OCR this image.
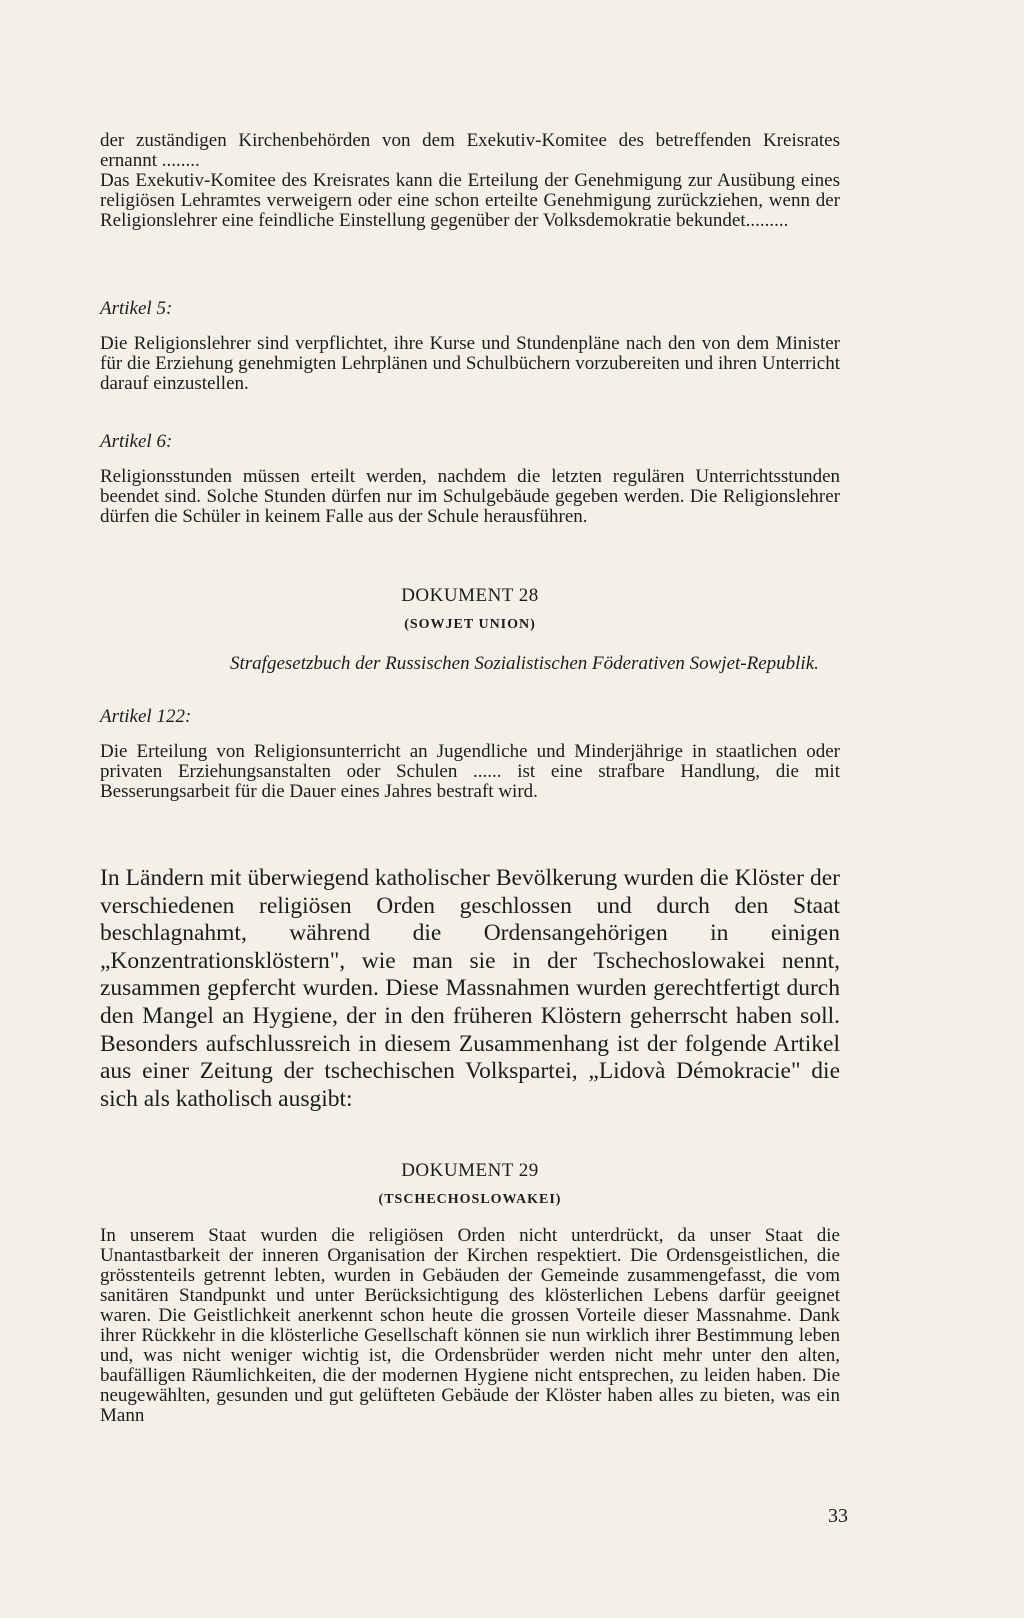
der zuständigen Kirchenbehörden von dem Exekutiv-Komitee des betreffenden Kreisrates ernannt ........

Das Exekutiv-Komitee des Kreisrates kann die Erteilung der Genehmigung zur Ausübung eines religiösen Lehramtes verweigern oder eine schon erteilte Genehmigung zurückziehen, wenn der Religionslehrer eine feindliche Einstellung gegenüber der Volksdemokratie bekundet.........

Artikel 5:
Die Religionslehrer sind verpflichtet, ihre Kurse und Stundenpläne nach den von dem Minister für die Erziehung genehmigten Lehrplänen und Schulbüchern vorzubereiten und ihren Unterricht darauf einzustellen.
Artikel 6:
Religionsstunden müssen erteilt werden, nachdem die letzten regulären Unterrichtsstunden beendet sind. Solche Stunden dürfen nur im Schulgebäude gegeben werden. Die Religionslehrer dürfen die Schüler in keinem Falle aus der Schule herausführen.
DOKUMENT 28
(SOWJET UNION)
Strafgesetzbuch der Russischen Sozialistischen Föderativen Sowjet-Republik.
Artikel 122:
Die Erteilung von Religionsunterricht an Jugendliche und Minderjährige in staatlichen oder privaten Erziehungsanstalten oder Schulen ...... ist eine strafbare Handlung, die mit Besserungsarbeit für die Dauer eines Jahres bestraft wird.
In Ländern mit überwiegend katholischer Bevölkerung wurden die Klöster der verschiedenen religiösen Orden geschlossen und durch den Staat beschlagnahmt, während die Ordensangehörigen in einigen „Konzentrationsklöstern", wie man sie in der Tschechoslowakei nennt, zusammen gepfercht wurden. Diese Massnahmen wurden gerechtfertigt durch den Mangel an Hygiene, der in den früheren Klöstern geherrscht haben soll. Besonders aufschlussreich in diesem Zusammenhang ist der folgende Artikel aus einer Zeitung der tschechischen Volkspartei, „Lidovà Démokracie" die sich als katholisch ausgibt:
DOKUMENT 29
(TSCHECHOSLOWAKEI)
In unserem Staat wurden die religiösen Orden nicht unterdrückt, da unser Staat die Unantastbarkeit der inneren Organisation der Kirchen respektiert. Die Ordensgeistlichen, die grösstenteils getrennt lebten, wurden in Gebäuden der Gemeinde zusammengefasst, die vom sanitären Standpunkt und unter Berücksichtigung des klösterlichen Lebens darfür geeignet waren. Die Geistlichkeit anerkennt schon heute die grossen Vorteile dieser Massnahme. Dank ihrer Rückkehr in die klösterliche Gesellschaft können sie nun wirklich ihrer Bestimmung leben und, was nicht weniger wichtig ist, die Ordensbrüder werden nicht mehr unter den alten, baufälligen Räumlichkeiten, die der modernen Hygiene nicht entsprechen, zu leiden haben. Die neugewählten, gesunden und gut gelüfteten Gebäude der Klöster haben alles zu bieten, was ein Mann
33
